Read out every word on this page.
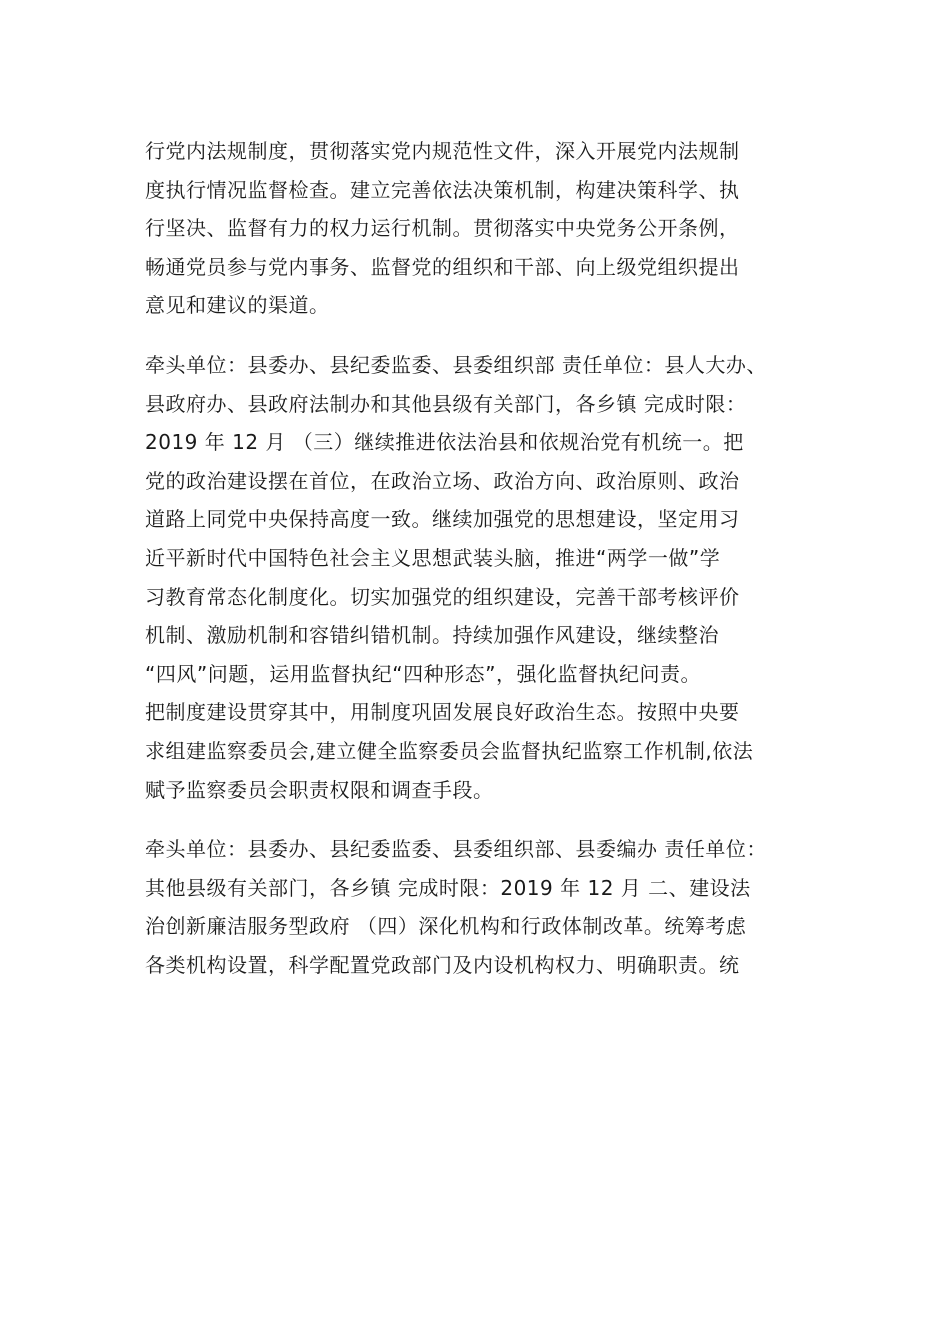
行党内法规制度，贯彻落实党内规范性文件，深入开展党内法规制
度执行情况监督检查。建立完善依法决策机制，构建决策科学、执
行坚决、监督有力的权力运行机制。贯彻落实中央党务公开条例，
畅通党员参与党内事务、监督党的组织和干部、向上级党组织提出
意见和建议的渠道。

牵头单位：县委办、县纪委监委、县委组织部 责任单位：县人大办、
县政府办、县政府法制办和其他县级有关部门，各乡镇 完成时限：
2019 年 12 月 （三）继续推进依法治县和依规治党有机统一。把
党的政治建设摆在首位，在政治立场、政治方向、政治原则、政治
道路上同党中央保持高度一致。继续加强党的思想建设，坚定用习
近平新时代中国特色社会主义思想武装头脑，推进“两学一做”学
习教育常态化制度化。切实加强党的组织建设，完善干部考核评价
机制、激励机制和容错纠错机制。持续加强作风建设，继续整治
“四风”问题，运用监督执纪“四种形态”，强化监督执纪问责。
把制度建设贯穿其中，用制度巩固发展良好政治生态。按照中央要
求组建监察委员会,建立健全监察委员会监督执纪监察工作机制,依法
赋予监察委员会职责权限和调查手段。

牵头单位：县委办、县纪委监委、县委组织部、县委编办 责任单位：
其他县级有关部门，各乡镇 完成时限：2019 年 12 月 二、建设法
治创新廉洁服务型政府 （四）深化机构和行政体制改革。统筹考虑
各类机构设置，科学配置党政部门及内设机构权力、明确职责。统
